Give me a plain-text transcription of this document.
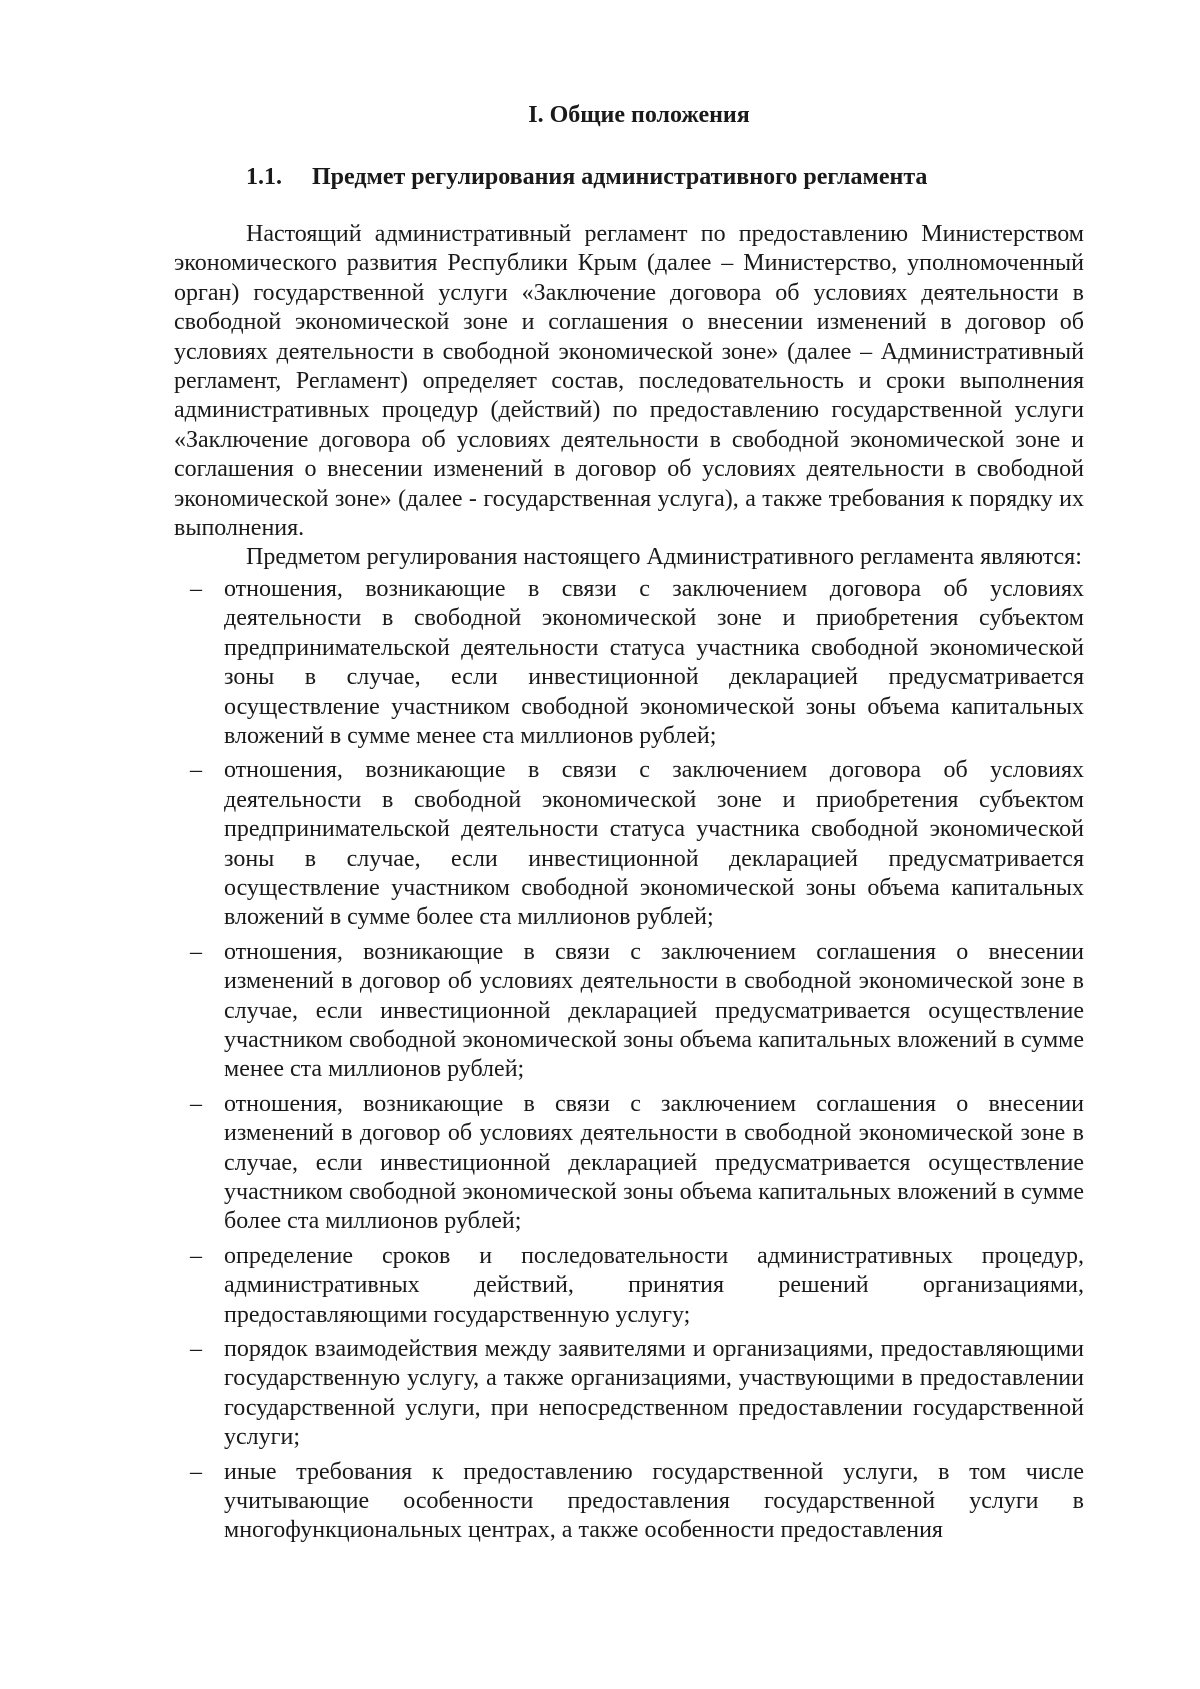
I. Общие положения
1.1. Предмет регулирования административного регламента

Настоящий административный регламент по предоставлению Министерством экономического развития Республики Крым (далее – Министерство, уполномоченный орган) государственной услуги «Заключение договора об условиях деятельности в свободной экономической зоне и соглашения о внесении изменений в договор об условиях деятельности в свободной экономической зоне» (далее – Административный регламент, Регламент) определяет состав, последовательность и сроки выполнения административных процедур (действий) по предоставлению государственной услуги «Заключение договора об условиях деятельности в свободной экономической зоне и соглашения о внесении изменений в договор об условиях деятельности в свободной экономической зоне» (далее - государственная услуга), а также требования к порядку их выполнения.

Предметом регулирования настоящего Административного регламента являются:

– отношения, возникающие в связи с заключением договора об условиях деятельности в свободной экономической зоне и приобретения субъектом предпринимательской деятельности статуса участника свободной экономической зоны в случае, если инвестиционной декларацией предусматривается осуществление участником свободной экономической зоны объема капитальных вложений в сумме менее ста миллионов рублей;
– отношения, возникающие в связи с заключением договора об условиях деятельности в свободной экономической зоне и приобретения субъектом предпринимательской деятельности статуса участника свободной экономической зоны в случае, если инвестиционной декларацией предусматривается осуществление участником свободной экономической зоны объема капитальных вложений в сумме более ста миллионов рублей;
– отношения, возникающие в связи с заключением соглашения о внесении изменений в договор об условиях деятельности в свободной экономической зоне в случае, если инвестиционной декларацией предусматривается осуществление участником свободной экономической зоны объема капитальных вложений в сумме менее ста миллионов рублей;
– отношения, возникающие в связи с заключением соглашения о внесении изменений в договор об условиях деятельности в свободной экономической зоне в случае, если инвестиционной декларацией предусматривается осуществление участником свободной экономической зоны объема капитальных вложений в сумме более ста миллионов рублей;
– определение сроков и последовательности административных процедур, административных действий, принятия решений организациями, предоставляющими государственную услугу;
– порядок взаимодействия между заявителями и организациями, предоставляющими государственную услугу, а также организациями, участвующими в предоставлении государственной услуги, при непосредственном предоставлении государственной услуги;
– иные требования к предоставлению государственной услуги, в том числе учитывающие особенности предоставления государственной услуги в многофункциональных центрах, а также особенности предоставления
